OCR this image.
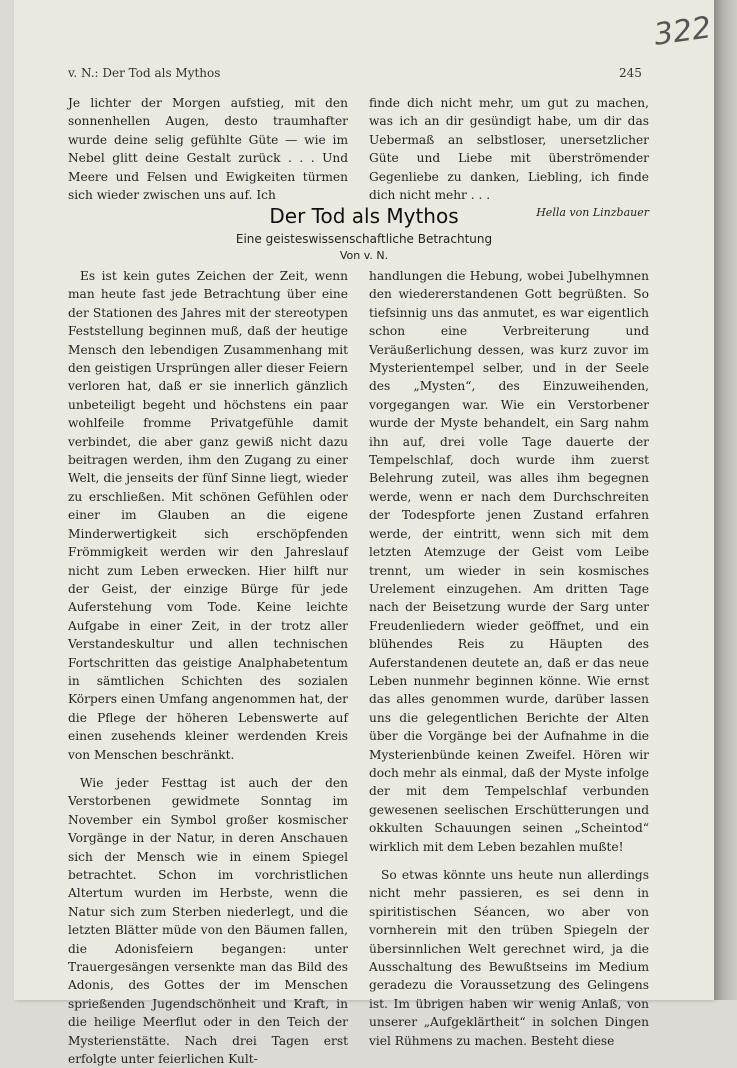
322
v. N.: Der Tod als Mythos	245

Je lichter der Morgen aufstieg, mit den sonnenhellen Augen, desto traumhafter wurde deine selig gefühlte Güte — wie im Nebel glitt deine Gestalt zurück . . . Und Meere und Felsen und Ewigkeiten türmen sich wieder zwischen uns auf. Ich

finde dich nicht mehr, um gut zu machen, was ich an dir gesündigt habe, um dir das Uebermaß an selbstloser, unersetzlicher Güte und Liebe mit überströmender Gegenliebe zu danken, Liebling, ich finde dich nicht mehr . . .

Hella von Linzbauer
Der Tod als Mythos
Eine geisteswissenschaftliche Betrachtung
Von v. N.

Es ist kein gutes Zeichen der Zeit, wenn man heute fast jede Betrachtung über eine der Stationen des Jahres mit der stereotypen Feststellung beginnen muß, daß der heutige Mensch den lebendigen Zusammenhang mit den geistigen Ursprüngen aller dieser Feiern verloren hat, daß er sie innerlich gänzlich unbeteiligt begeht und höchstens ein paar wohlfeile fromme Privatgefühle damit verbindet, die aber ganz gewiß nicht dazu beitragen werden, ihm den Zugang zu einer Welt, die jenseits der fünf Sinne liegt, wieder zu erschließen. Mit schönen Gefühlen oder einer im Glauben an die eigene Minderwertigkeit sich erschöpfenden Frömmigkeit werden wir den Jahreslauf nicht zum Leben erwecken. Hier hilft nur der Geist, der einzige Bürge für jede Auferstehung vom Tode. Keine leichte Aufgabe in einer Zeit, in der trotz aller Verstandeskultur und allen technischen Fortschritten das geistige Analphabetentum in sämtlichen Schichten des sozialen Körpers einen Umfang angenommen hat, der die Pflege der höheren Lebenswerte auf einen zusehends kleiner werdenden Kreis von Menschen beschränkt.

Wie jeder Festtag ist auch der den Verstorbenen gewidmete Sonntag im November ein Symbol großer kosmischer Vorgänge in der Natur, in deren Anschauen sich der Mensch wie in einem Spiegel betrachtet. Schon im vorchristlichen Altertum wurden im Herbste, wenn die Natur sich zum Sterben niederlegt, und die letzten Blätter müde von den Bäumen fallen, die Adonisfeiern begangen: unter Trauergesängen versenkte man das Bild des Adonis, des Gottes der im Menschen sprießenden Jugendschönheit und Kraft, in die heilige Meerflut oder in den Teich der Mysterienstätte. Nach drei Tagen erst erfolgte unter feierlichen Kult-

handlungen die Hebung, wobei Jubelhymnen den wiedererstandenen Gott begrüßten. So tiefsinnig uns das anmutet, es war eigentlich schon eine Verbreiterung und Veräußerlichung dessen, was kurz zuvor im Mysterientempel selber, und in der Seele des „Mysten“, des Einzuweihenden, vorgegangen war. Wie ein Verstorbener wurde der Myste behandelt, ein Sarg nahm ihn auf, drei volle Tage dauerte der Tempelschlaf, doch wurde ihm zuerst Belehrung zuteil, was alles ihm begegnen werde, wenn er nach dem Durchschreiten der Todespforte jenen Zustand erfahren werde, der eintritt, wenn sich mit dem letzten Atemzuge der Geist vom Leibe trennt, um wieder in sein kosmisches Urelement einzugehen. Am dritten Tage nach der Beisetzung wurde der Sarg unter Freudenliedern wieder geöffnet, und ein blühendes Reis zu Häupten des Auferstandenen deutete an, daß er das neue Leben nunmehr beginnen könne. Wie ernst das alles genommen wurde, darüber lassen uns die gelegentlichen Berichte der Alten über die Vorgänge bei der Aufnahme in die Mysterienbünde keinen Zweifel. Hören wir doch mehr als einmal, daß der Myste infolge der mit dem Tempelschlaf verbunden gewesenen seelischen Erschütterungen und okkulten Schauungen seinen „Scheintod“ wirklich mit dem Leben bezahlen mußte!

So etwas könnte uns heute nun allerdings nicht mehr passieren, es sei denn in spiritistischen Séancen, wo aber von vornherein mit den trüben Spiegeln der übersinnlichen Welt gerechnet wird, ja die Ausschaltung des Bewußtseins im Medium geradezu die Voraussetzung des Gelingens ist. Im übrigen haben wir wenig Anlaß, von unserer „Aufgeklärtheit“ in solchen Dingen viel Rühmens zu machen. Besteht diese
